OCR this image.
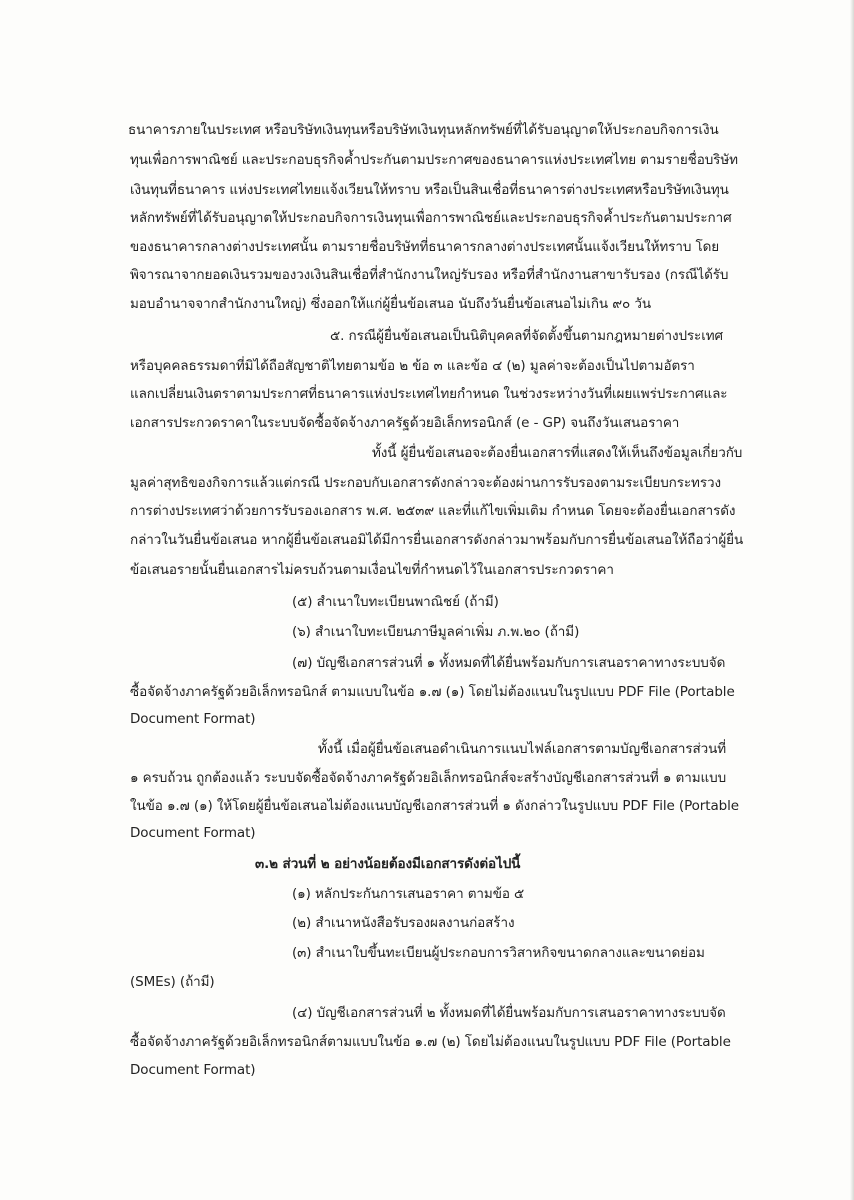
ธนาคารภายในประเทศ หรือบริษัทเงินทุนหรือบริษัทเงินทุนหลักทรัพย์ที่ได้รับอนุญาตให้ประกอบกิจการเงิน
ทุนเพื่อการพาณิชย์ และประกอบธุรกิจค้ำประกันตามประกาศของธนาคารแห่งประเทศไทย ตามรายชื่อบริษัท
เงินทุนที่ธนาคาร แห่งประเทศไทยแจ้งเวียนให้ทราบ หรือเป็นสินเชื่อที่ธนาคารต่างประเทศหรือบริษัทเงินทุน
หลักทรัพย์ที่ได้รับอนุญาตให้ประกอบกิจการเงินทุนเพื่อการพาณิชย์และประกอบธุรกิจค้ำประกันตามประกาศ
ของธนาคารกลางต่างประเทศนั้น ตามรายชื่อบริษัทที่ธนาคารกลางต่างประเทศนั้นแจ้งเวียนให้ทราบ โดย
พิจารณาจากยอดเงินรวมของวงเงินสินเชื่อที่สำนักงานใหญ่รับรอง หรือที่สำนักงานสาขารับรอง (กรณีได้รับ
มอบอำนาจจากสำนักงานใหญ่) ซึ่งออกให้แก่ผู้ยื่นข้อเสนอ นับถึงวันยื่นข้อเสนอไม่เกิน ๙๐ วัน
๕. กรณีผู้ยื่นข้อเสนอเป็นนิติบุคคลที่จัดตั้งขึ้นตามกฎหมายต่างประเทศ
หรือบุคคลธรรมดาที่มิได้ถือสัญชาติไทยตามข้อ ๒ ข้อ ๓ และข้อ ๔ (๒) มูลค่าจะต้องเป็นไปตามอัตรา
แลกเปลี่ยนเงินตราตามประกาศที่ธนาคารแห่งประเทศไทยกำหนด ในช่วงระหว่างวันที่เผยแพร่ประกาศและ
เอกสารประกวดราคาในระบบจัดซื้อจัดจ้างภาครัฐด้วยอิเล็กทรอนิกส์ (e - GP) จนถึงวันเสนอราคา
ทั้งนี้ ผู้ยื่นข้อเสนอจะต้องยื่นเอกสารที่แสดงให้เห็นถึงข้อมูลเกี่ยวกับ
มูลค่าสุทธิของกิจการแล้วแต่กรณี ประกอบกับเอกสารดังกล่าวจะต้องผ่านการรับรองตามระเบียบกระทรวง
การต่างประเทศว่าด้วยการรับรองเอกสาร พ.ศ. ๒๕๓๙ และที่แก้ไขเพิ่มเติม กำหนด โดยจะต้องยื่นเอกสารดัง
กล่าวในวันยื่นข้อเสนอ หากผู้ยื่นข้อเสนอมิได้มีการยื่นเอกสารดังกล่าวมาพร้อมกับการยื่นข้อเสนอให้ถือว่าผู้ยื่น
ข้อเสนอรายนั้นยื่นเอกสารไม่ครบถ้วนตามเงื่อนไขที่กำหนดไว้ในเอกสารประกวดราคา
(๕) สำเนาใบทะเบียนพาณิชย์ (ถ้ามี)
(๖) สำเนาใบทะเบียนภาษีมูลค่าเพิ่ม ภ.พ.๒๐ (ถ้ามี)
(๗) บัญชีเอกสารส่วนที่ ๑ ทั้งหมดที่ได้ยื่นพร้อมกับการเสนอราคาทางระบบจัด
ซื้อจัดจ้างภาครัฐด้วยอิเล็กทรอนิกส์ ตามแบบในข้อ ๑.๗ (๑) โดยไม่ต้องแนบในรูปแบบ PDF File (Portable
Document Format)
ทั้งนี้ เมื่อผู้ยื่นข้อเสนอดำเนินการแนบไฟล์เอกสารตามบัญชีเอกสารส่วนที่
๑ ครบถ้วน ถูกต้องแล้ว ระบบจัดซื้อจัดจ้างภาครัฐด้วยอิเล็กทรอนิกส์จะสร้างบัญชีเอกสารส่วนที่ ๑ ตามแบบ
ในข้อ ๑.๗ (๑) ให้โดยผู้ยื่นข้อเสนอไม่ต้องแนบบัญชีเอกสารส่วนที่ ๑ ดังกล่าวในรูปแบบ PDF File (Portable
Document Format)
๓.๒ ส่วนที่ ๒ อย่างน้อยต้องมีเอกสารดังต่อไปนี้
(๑) หลักประกันการเสนอราคา ตามข้อ ๕
(๒) สำเนาหนังสือรับรองผลงานก่อสร้าง
(๓) สำเนาใบขึ้นทะเบียนผู้ประกอบการวิสาหกิจขนาดกลางและขนาดย่อม
(SMEs) (ถ้ามี)
(๔) บัญชีเอกสารส่วนที่ ๒ ทั้งหมดที่ได้ยื่นพร้อมกับการเสนอราคาทางระบบจัด
ซื้อจัดจ้างภาครัฐด้วยอิเล็กทรอนิกส์ตามแบบในข้อ ๑.๗ (๒) โดยไม่ต้องแนบในรูปแบบ PDF File (Portable
Document Format)
